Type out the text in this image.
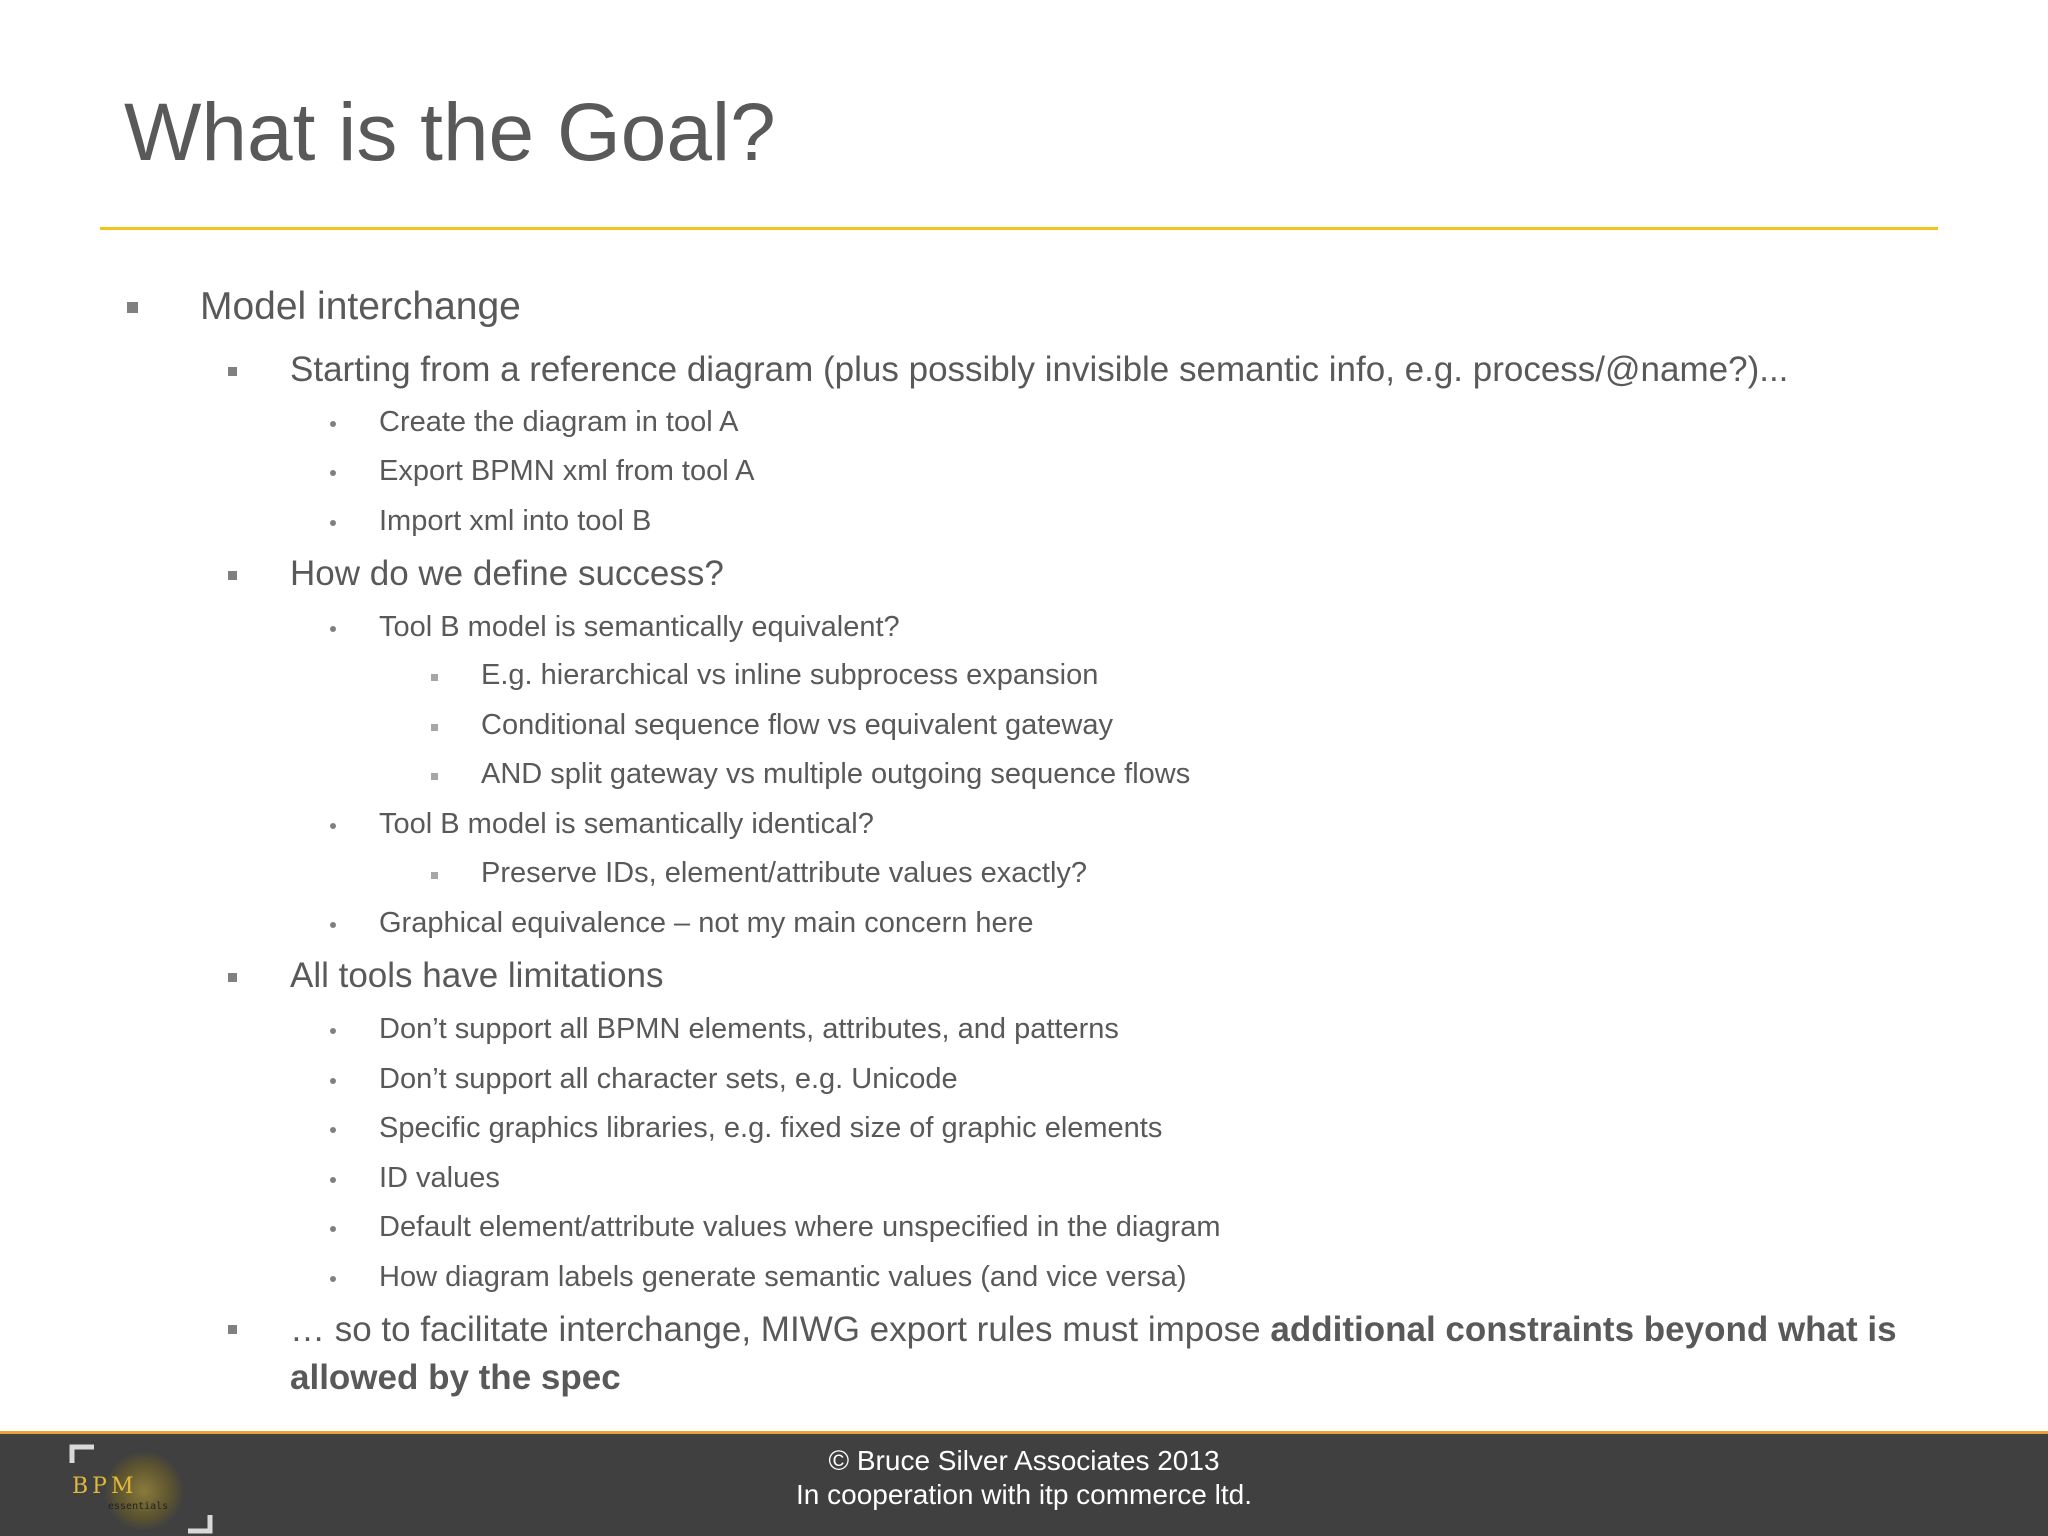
What is the Goal?
Model interchange
Starting from a reference diagram (plus possibly invisible semantic info, e.g. process/@name?)...
Create the diagram in tool A
Export BPMN xml from tool A
Import xml into tool B
How do we define success?
Tool B model is semantically equivalent?
E.g. hierarchical vs inline subprocess expansion
Conditional sequence flow vs equivalent gateway
AND split gateway vs multiple outgoing sequence flows
Tool B model is semantically identical?
Preserve IDs, element/attribute values exactly?
Graphical equivalence – not my main concern here
All tools have limitations
Don’t support all BPMN elements, attributes, and patterns
Don’t support all character sets, e.g. Unicode
Specific graphics libraries, e.g. fixed size of graphic elements
ID values
Default element/attribute values where unspecified in the diagram
How diagram labels generate semantic values (and vice versa)
… so to facilitate interchange, MIWG export rules must impose additional constraints beyond what is allowed by the spec
BPM
essentials
© Bruce Silver Associates 2013
In cooperation with itp commerce ltd.
